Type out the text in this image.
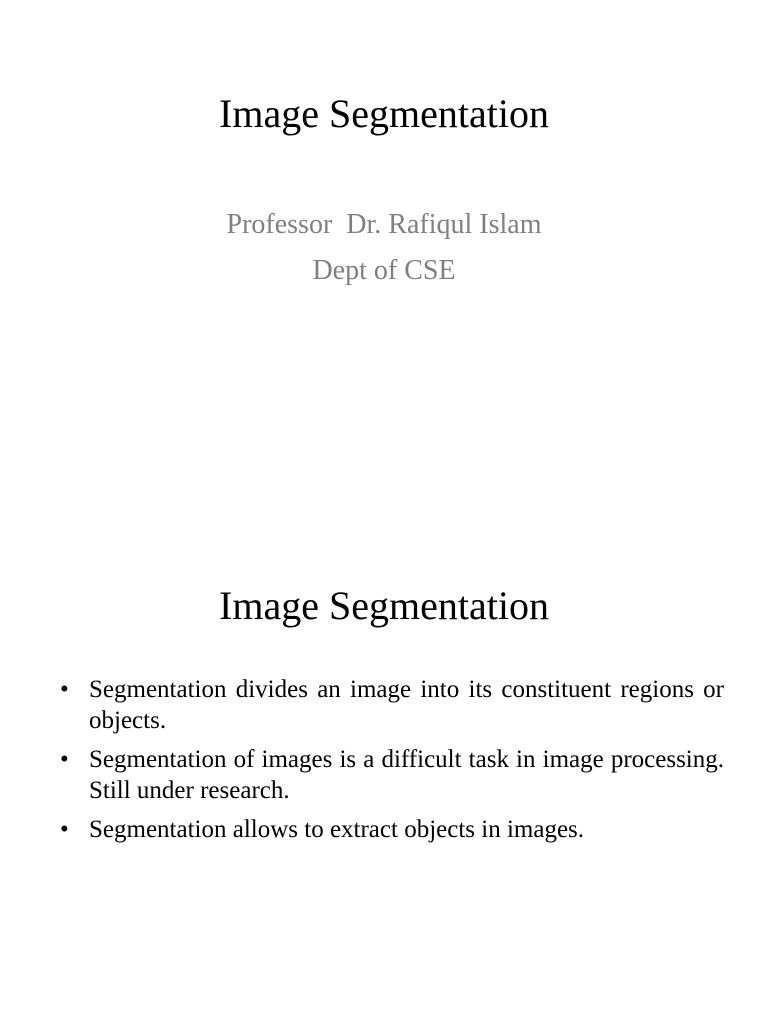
Image Segmentation
Professor  Dr. Rafiqul Islam
Dept of CSE
Image Segmentation
• Segmentation divides an image into its constituent regions or objects.
• Segmentation of images is a difficult task in image processing. Still under research.
• Segmentation allows to extract objects in images.
